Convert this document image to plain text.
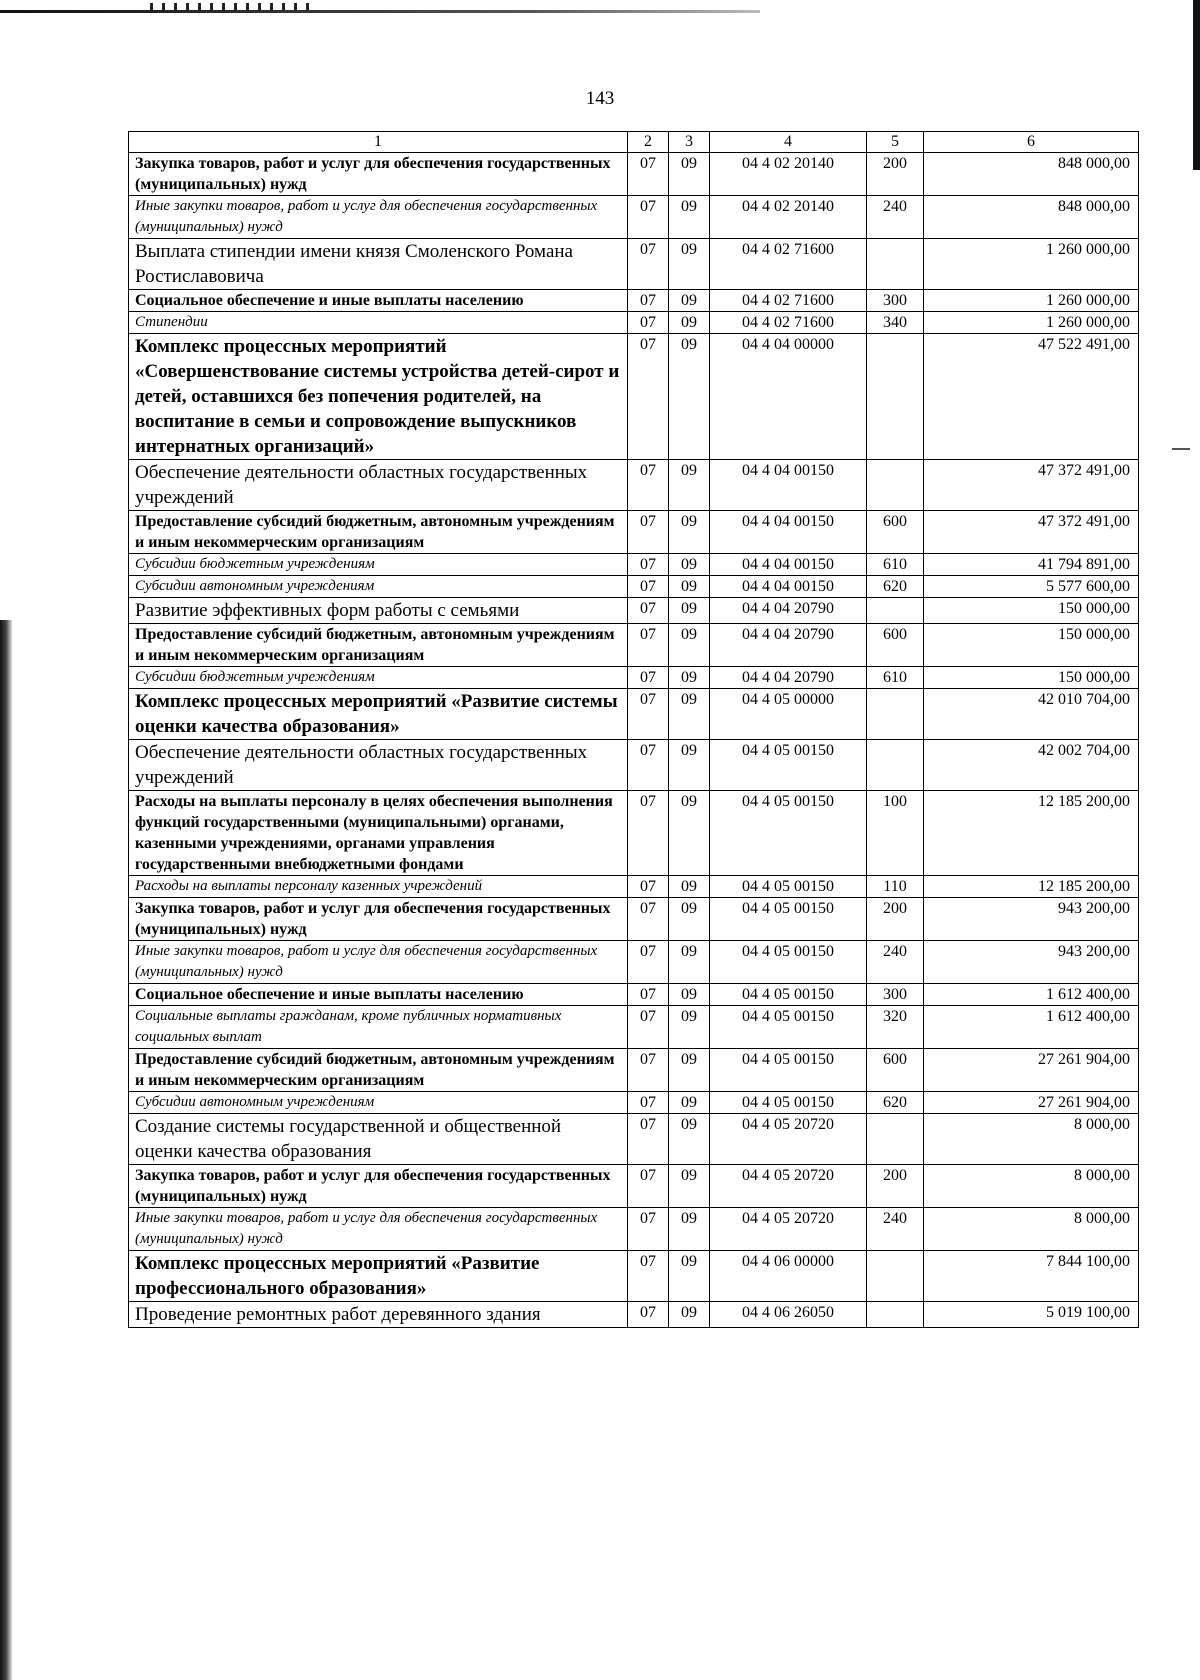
143
1	2	3	4	5	6
Закупка товаров, работ и услуг для обеспечения государственных (муниципальных) нужд	07	09	04 4 02 20140	200	848 000,00
Иные закупки товаров, работ и услуг для обеспечения государственных (муниципальных) нужд	07	09	04 4 02 20140	240	848 000,00
Выплата стипендии имени князя Смоленского Романа Ростиславовича	07	09	04 4 02 71600		1 260 000,00
Социальное обеспечение и иные выплаты населению	07	09	04 4 02 71600	300	1 260 000,00
Стипендии	07	09	04 4 02 71600	340	1 260 000,00
Комплекс процессных мероприятий «Совершенствование системы устройства детей-сирот и детей, оставшихся без попечения родителей, на воспитание в семьи и сопровождение выпускников интернатных организаций»	07	09	04 4 04 00000		47 522 491,00
Обеспечение деятельности областных государственных учреждений	07	09	04 4 04 00150		47 372 491,00
Предоставление субсидий бюджетным, автономным учреждениям и иным некоммерческим организациям	07	09	04 4 04 00150	600	47 372 491,00
Субсидии бюджетным учреждениям	07	09	04 4 04 00150	610	41 794 891,00
Субсидии автономным учреждениям	07	09	04 4 04 00150	620	5 577 600,00
Развитие эффективных форм работы с семьями	07	09	04 4 04 20790		150 000,00
Предоставление субсидий бюджетным, автономным учреждениям и иным некоммерческим организациям	07	09	04 4 04 20790	600	150 000,00
Субсидии бюджетным учреждениям	07	09	04 4 04 20790	610	150 000,00
Комплекс процессных мероприятий «Развитие системы оценки качества образования»	07	09	04 4 05 00000		42 010 704,00
Обеспечение деятельности областных государственных учреждений	07	09	04 4 05 00150		42 002 704,00
Расходы на выплаты персоналу в целях обеспечения выполнения функций государственными (муниципальными) органами, казенными учреждениями, органами управления государственными внебюджетными фондами	07	09	04 4 05 00150	100	12 185 200,00
Расходы на выплаты персоналу казенных учреждений	07	09	04 4 05 00150	110	12 185 200,00
Закупка товаров, работ и услуг для обеспечения государственных (муниципальных) нужд	07	09	04 4 05 00150	200	943 200,00
Иные закупки товаров, работ и услуг для обеспечения государственных (муниципальных) нужд	07	09	04 4 05 00150	240	943 200,00
Социальное обеспечение и иные выплаты населению	07	09	04 4 05 00150	300	1 612 400,00
Социальные выплаты гражданам, кроме публичных нормативных социальных выплат	07	09	04 4 05 00150	320	1 612 400,00
Предоставление субсидий бюджетным, автономным учреждениям и иным некоммерческим организациям	07	09	04 4 05 00150	600	27 261 904,00
Субсидии автономным учреждениям	07	09	04 4 05 00150	620	27 261 904,00
Создание системы государственной и общественной оценки качества образования	07	09	04 4 05 20720		8 000,00
Закупка товаров, работ и услуг для обеспечения государственных (муниципальных) нужд	07	09	04 4 05 20720	200	8 000,00
Иные закупки товаров, работ и услуг для обеспечения государственных (муниципальных) нужд	07	09	04 4 05 20720	240	8 000,00
Комплекс процессных мероприятий «Развитие профессионального образования»	07	09	04 4 06 00000		7 844 100,00
Проведение ремонтных работ деревянного здания	07	09	04 4 06 26050		5 019 100,00
